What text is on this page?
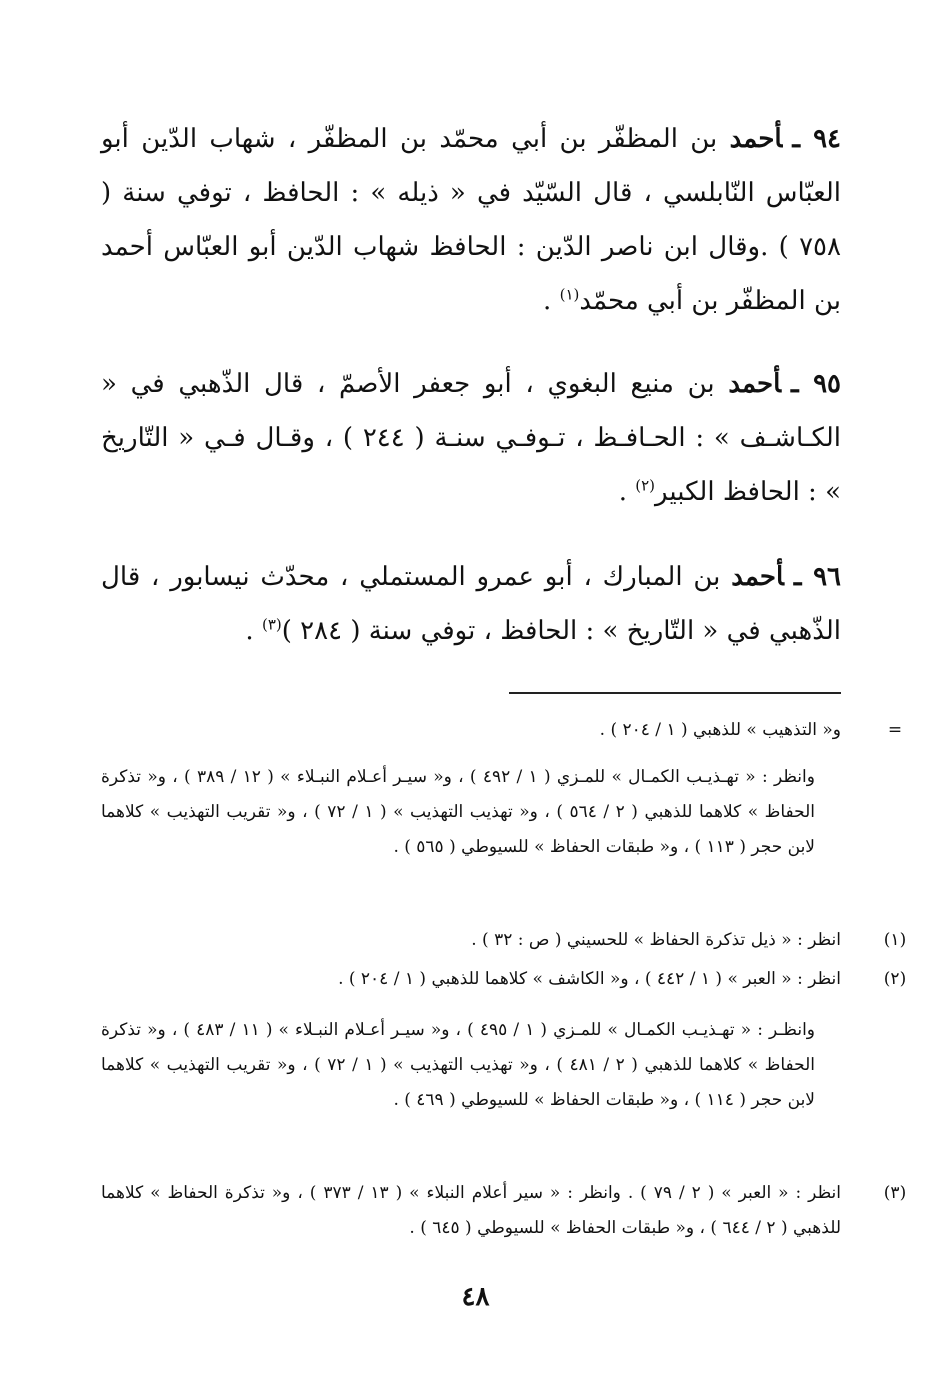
٩٤ ـأحمد بن المظفّر بن أبي محمّد بن المظفّر ، شهاب الدّين أبو العبّاس النّابلسي ، قال السّيّد في « ذيله » : الحافظ ، توفي سنة ( ٧٥٨ ) .وقال ابن ناصر الدّين : الحافظ شهاب الدّين أبو العبّاس أحمد بن المظفّر بن أبي محمّد$^{(١)}$ .
٩٥ ـأحمد بن منيع البغوي ، أبو جعفر الأصمّ ، قال الذّهبي في « الكـاشـف » : الحـافـظ ، تـوفـي سنـة ( ٢٤٤ ) ، وقـال فـي « التّاريخ » : الحافظ الكبير$^{(٢)}$ .
٩٦ ـأحمد بن المبارك ، أبو عمرو المستملي ، محدّث نيسابور ، قال الذّهبي في « التّاريخ » : الحافظ ، توفي سنة ( ٢٨٤ )$^{(٣)}$ .
=
و« التذهيب » للذهبي ( ١ / ٢٠٤ ) .
وانظر : « تهـذيـب الكمـال » للمـزي ( ١ / ٤٩٢ ) ، و« سيـر أعـلام النبـلاء » ( ١٢ / ٣٨٩ ) ، و« تذكرة الحفاظ » كلاهما للذهبي ( ٢ / ٥٦٤ ) ، و« تهذيب التهذيب » ( ١ / ٧٢ ) ، و« تقريب التهذيب » كلاهما لابن حجر ( ١١٣ ) ، و« طبقات الحفاظ » للسيوطي ( ٥٦٥ ) .
(١)
انظر : « ذيل تذكرة الحفاظ » للحسيني ( ص : ٣٢ ) .
(٢)
انظر : « العبر » ( ١ / ٤٤٢ ) ، و« الكاشف » كلاهما للذهبي ( ١ / ٢٠٤ ) .
وانظـر : « تهـذيـب الكمـال » للمـزي ( ١ / ٤٩٥ ) ، و« سيـر أعـلام النبـلاء » ( ١١ / ٤٨٣ ) ، و« تذكرة الحفاظ » كلاهما للذهبي ( ٢ / ٤٨١ ) ، و« تهذيب التهذيب » ( ١ / ٧٢ ) ، و« تقريب التهذيب » كلاهما لابن حجر ( ١١٤ ) ، و« طبقات الحفاظ » للسيوطي ( ٤٦٩ ) .
(٣)
انظر : « العبر » ( ٢ / ٧٩ ) . وانظر : « سير أعلام النبلاء » ( ١٣ / ٣٧٣ ) ، و« تذكرة الحفاظ » كلاهما للذهبي ( ٢ / ٦٤٤ ) ، و« طبقات الحفاظ » للسيوطي ( ٦٤٥ ) .
٤٨
